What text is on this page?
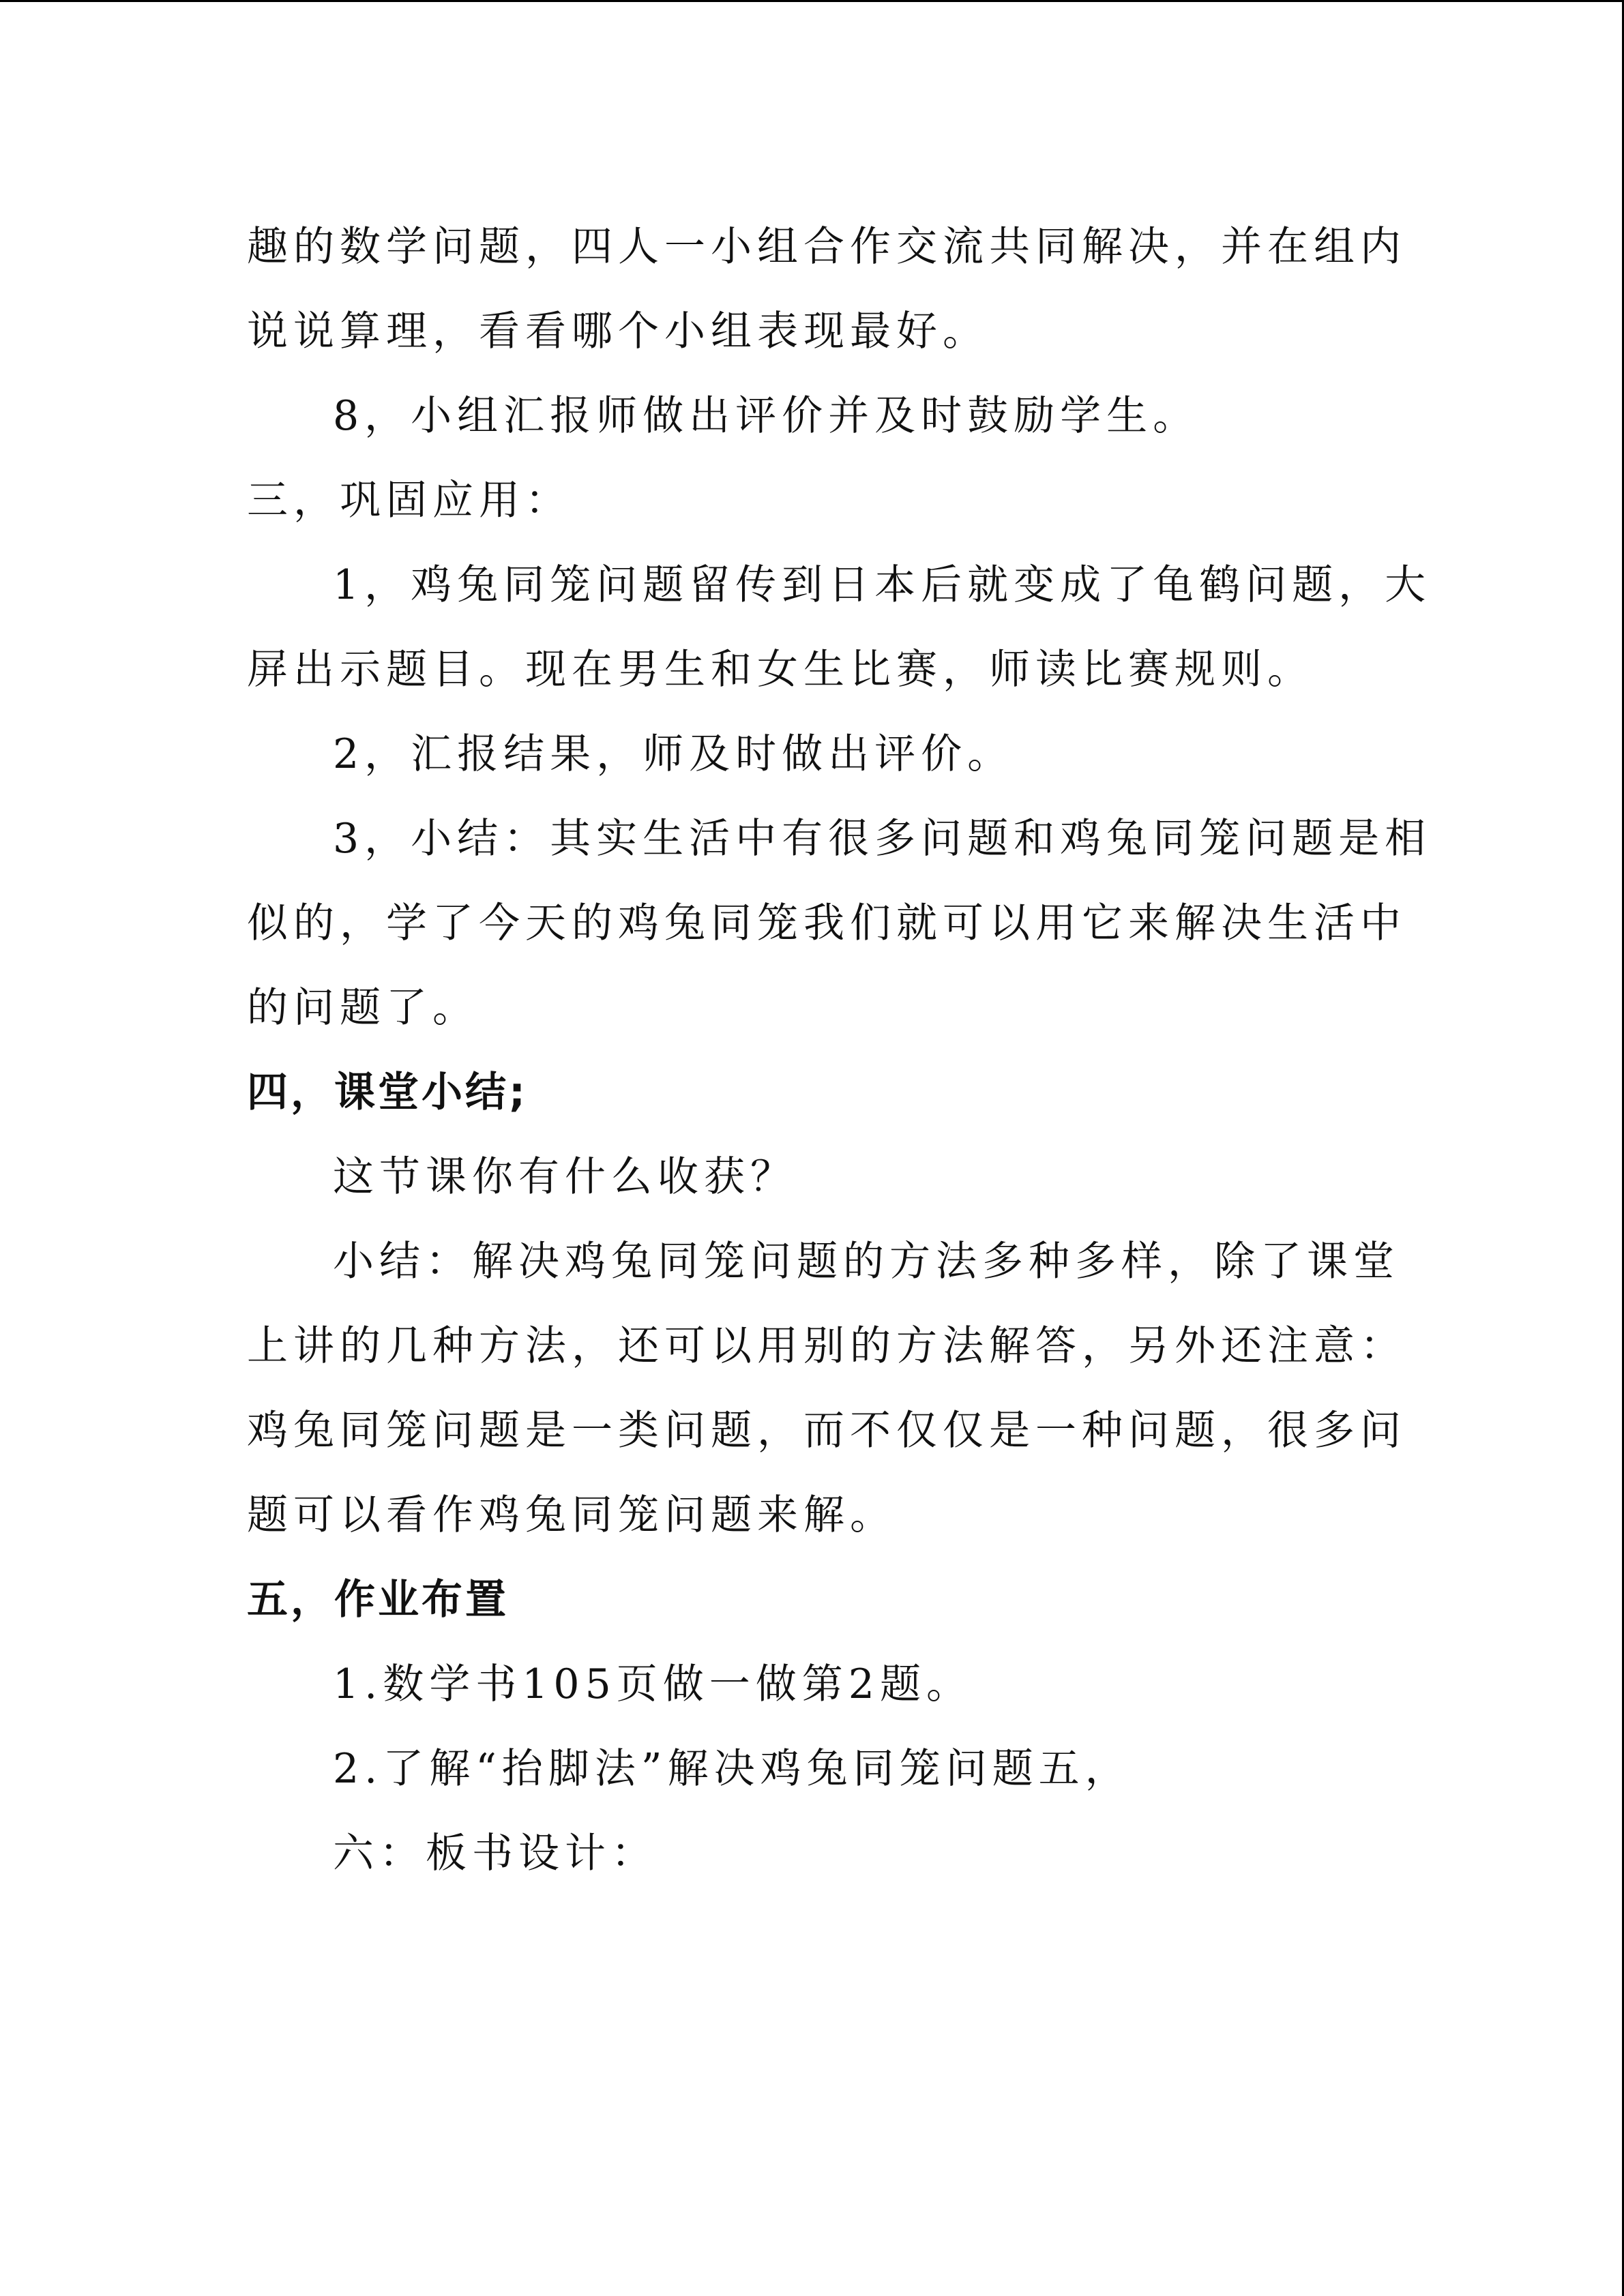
趣的数学问题，四人一小组合作交流共同解决，并在组内

说说算理，看看哪个小组表现最好。

8，小组汇报师做出评价并及时鼓励学生。

三，巩固应用：

1，鸡兔同笼问题留传到日本后就变成了龟鹤问题，大

屏出示题目。现在男生和女生比赛，师读比赛规则。

2，汇报结果，师及时做出评价。

3，小结：其实生活中有很多问题和鸡兔同笼问题是相

似的，学了今天的鸡兔同笼我们就可以用它来解决生活中

的问题了。

四，课堂小结;

这节课你有什么收获？

小结：解决鸡兔同笼问题的方法多种多样，除了课堂

上讲的几种方法，还可以用别的方法解答，另外还注意：

鸡兔同笼问题是一类问题，而不仅仅是一种问题，很多问

题可以看作鸡兔同笼问题来解。

五，作业布置

1.数学书105页做一做第2题。

2.了解“抬脚法”解决鸡兔同笼问题五，

六：板书设计：
